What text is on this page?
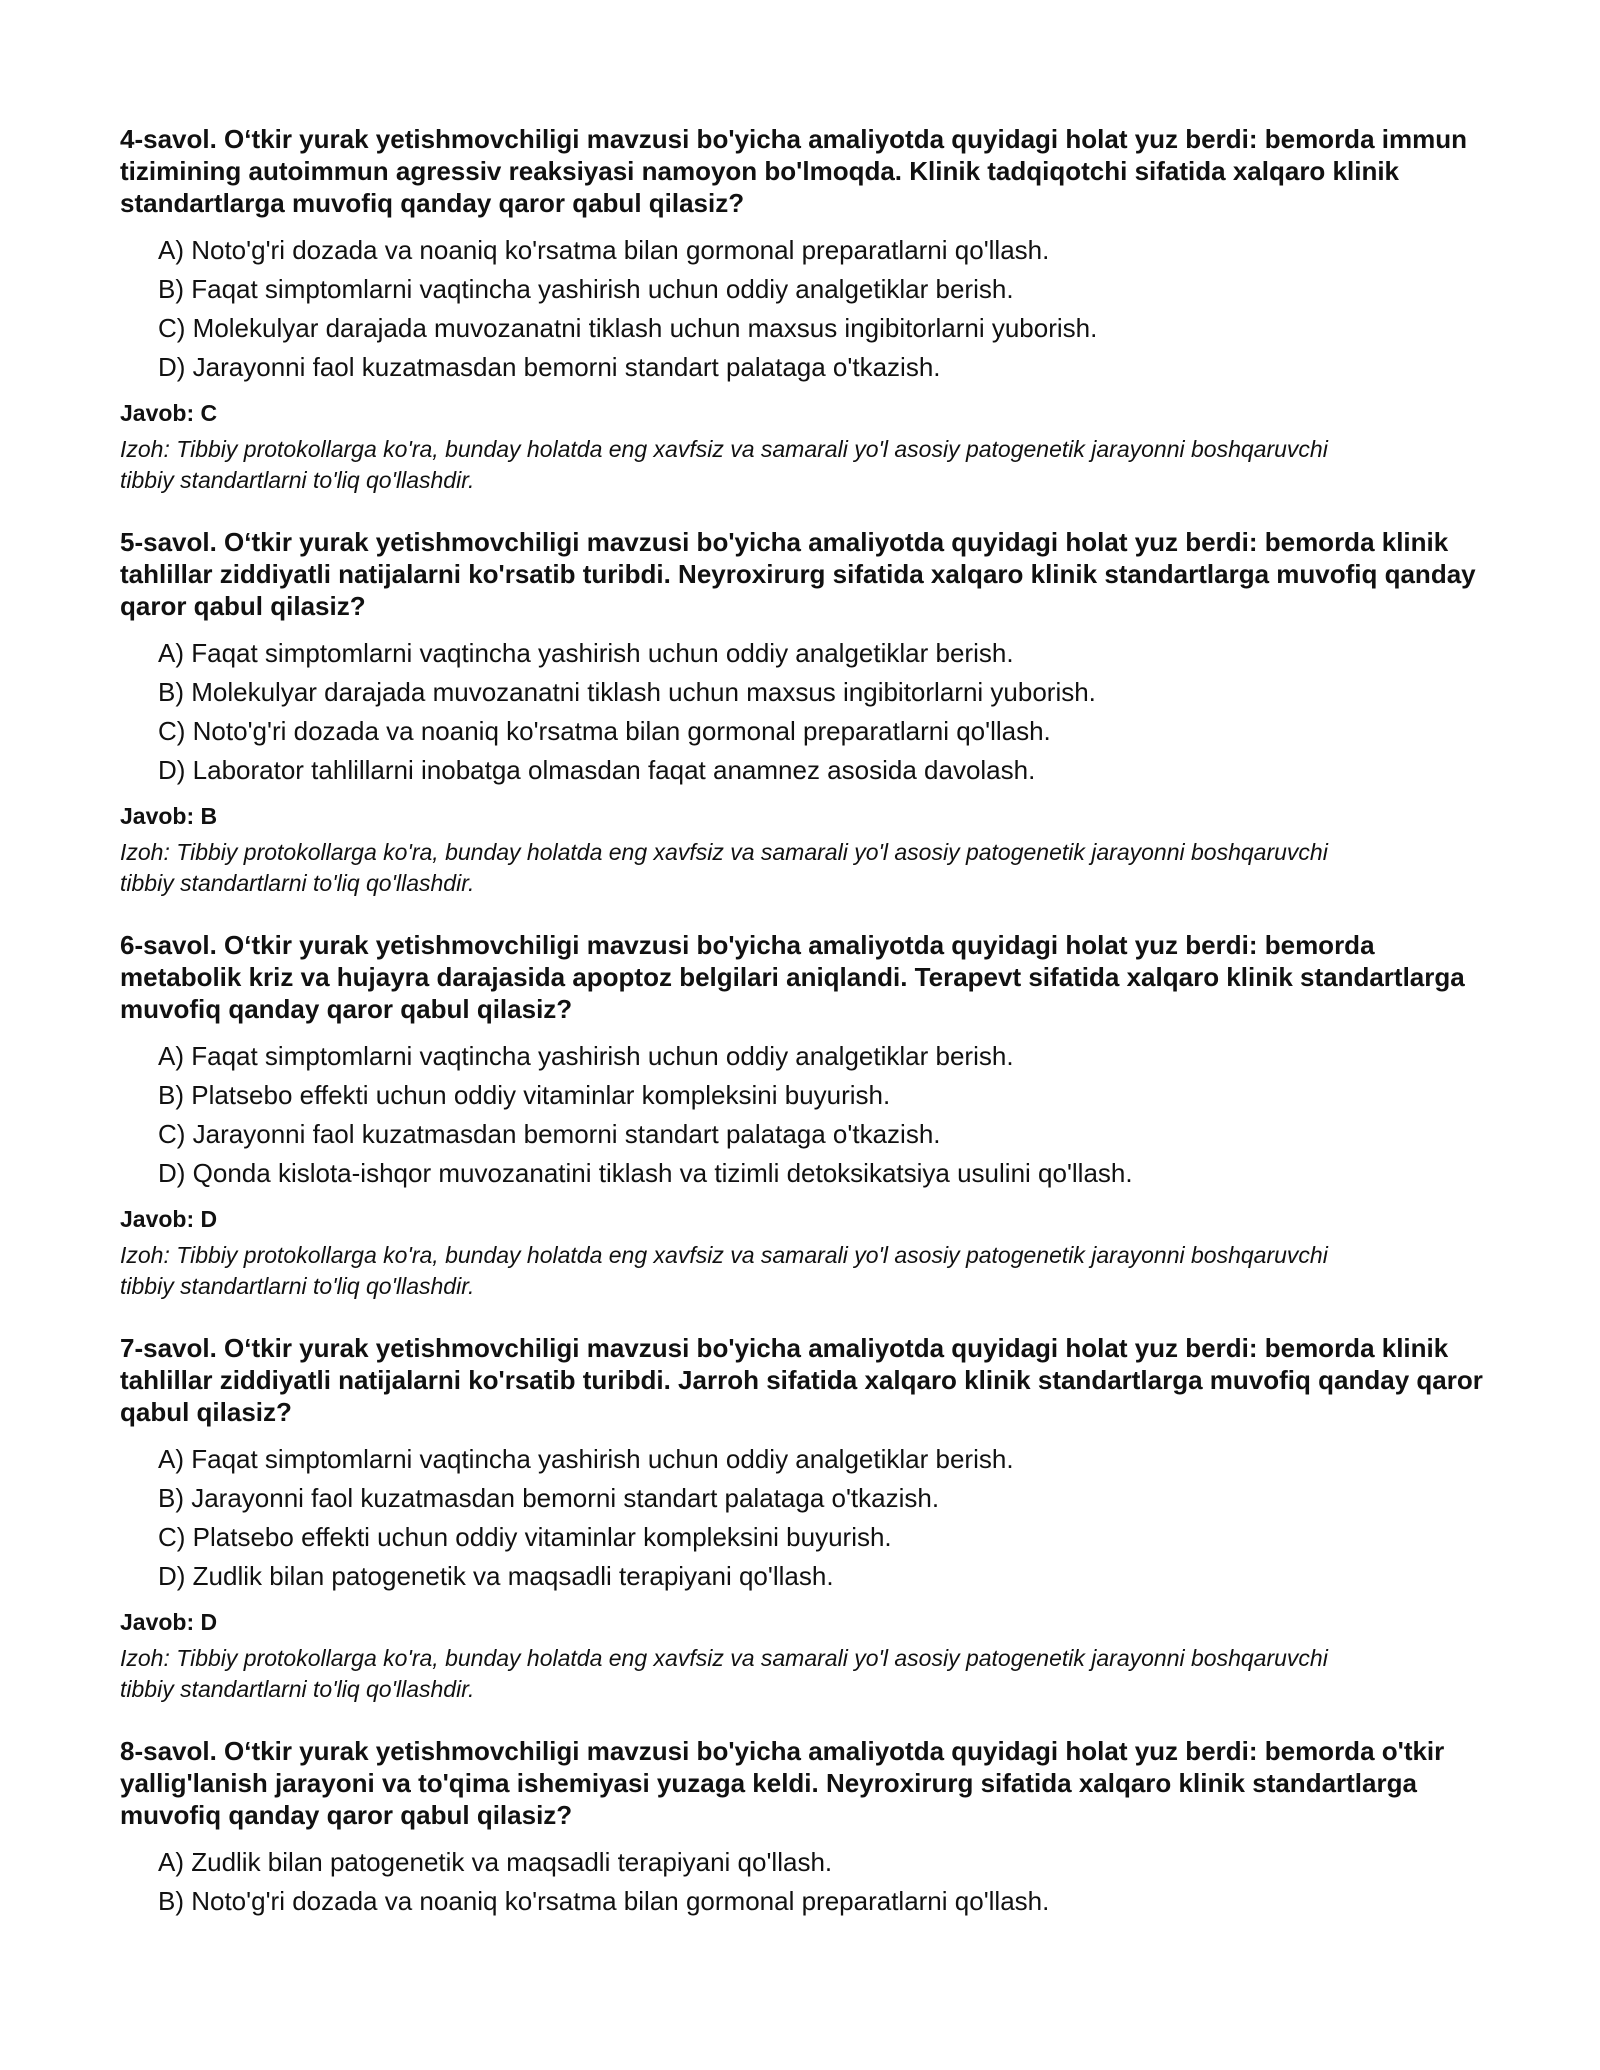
4-savol. O‘tkir yurak yetishmovchiligi mavzusi bo'yicha amaliyotda quyidagi holat yuz berdi: bemorda immun tizimining autoimmun agressiv reaksiyasi namoyon bo'lmoqda. Klinik tadqiqotchi sifatida xalqaro klinik standartlarga muvofiq qanday qaror qabul qilasiz?
A) Noto'g'ri dozada va noaniq ko'rsatma bilan gormonal preparatlarni qo'llash.
B) Faqat simptomlarni vaqtincha yashirish uchun oddiy analgetiklar berish.
C) Molekulyar darajada muvozanatni tiklash uchun maxsus ingibitorlarni yuborish.
D) Jarayonni faol kuzatmasdan bemorni standart palataga o'tkazish.
Javob: C
Izoh: Tibbiy protokollarga ko'ra, bunday holatda eng xavfsiz va samarali yo'l asosiy patogenetik jarayonni boshqaruvchi tibbiy standartlarni to'liq qo'llashdir.
5-savol. O‘tkir yurak yetishmovchiligi mavzusi bo'yicha amaliyotda quyidagi holat yuz berdi: bemorda klinik tahlillar ziddiyatli natijalarni ko'rsatib turibdi. Neyroxirurg sifatida xalqaro klinik standartlarga muvofiq qanday qaror qabul qilasiz?
A) Faqat simptomlarni vaqtincha yashirish uchun oddiy analgetiklar berish.
B) Molekulyar darajada muvozanatni tiklash uchun maxsus ingibitorlarni yuborish.
C) Noto'g'ri dozada va noaniq ko'rsatma bilan gormonal preparatlarni qo'llash.
D) Laborator tahlillarni inobatga olmasdan faqat anamnez asosida davolash.
Javob: B
Izoh: Tibbiy protokollarga ko'ra, bunday holatda eng xavfsiz va samarali yo'l asosiy patogenetik jarayonni boshqaruvchi tibbiy standartlarni to'liq qo'llashdir.
6-savol. O‘tkir yurak yetishmovchiligi mavzusi bo'yicha amaliyotda quyidagi holat yuz berdi: bemorda metabolik kriz va hujayra darajasida apoptoz belgilari aniqlandi. Terapevt sifatida xalqaro klinik standartlarga muvofiq qanday qaror qabul qilasiz?
A) Faqat simptomlarni vaqtincha yashirish uchun oddiy analgetiklar berish.
B) Platsebo effekti uchun oddiy vitaminlar kompleksini buyurish.
C) Jarayonni faol kuzatmasdan bemorni standart palataga o'tkazish.
D) Qonda kislota-ishqor muvozanatini tiklash va tizimli detoksikatsiya usulini qo'llash.
Javob: D
Izoh: Tibbiy protokollarga ko'ra, bunday holatda eng xavfsiz va samarali yo'l asosiy patogenetik jarayonni boshqaruvchi tibbiy standartlarni to'liq qo'llashdir.
7-savol. O‘tkir yurak yetishmovchiligi mavzusi bo'yicha amaliyotda quyidagi holat yuz berdi: bemorda klinik tahlillar ziddiyatli natijalarni ko'rsatib turibdi. Jarroh sifatida xalqaro klinik standartlarga muvofiq qanday qaror qabul qilasiz?
A) Faqat simptomlarni vaqtincha yashirish uchun oddiy analgetiklar berish.
B) Jarayonni faol kuzatmasdan bemorni standart palataga o'tkazish.
C) Platsebo effekti uchun oddiy vitaminlar kompleksini buyurish.
D) Zudlik bilan patogenetik va maqsadli terapiyani qo'llash.
Javob: D
Izoh: Tibbiy protokollarga ko'ra, bunday holatda eng xavfsiz va samarali yo'l asosiy patogenetik jarayonni boshqaruvchi tibbiy standartlarni to'liq qo'llashdir.
8-savol. O‘tkir yurak yetishmovchiligi mavzusi bo'yicha amaliyotda quyidagi holat yuz berdi: bemorda o'tkir yallig'lanish jarayoni va to'qima ishemiyasi yuzaga keldi. Neyroxirurg sifatida xalqaro klinik standartlarga muvofiq qanday qaror qabul qilasiz?
A) Zudlik bilan patogenetik va maqsadli terapiyani qo'llash.
B) Noto'g'ri dozada va noaniq ko'rsatma bilan gormonal preparatlarni qo'llash.
